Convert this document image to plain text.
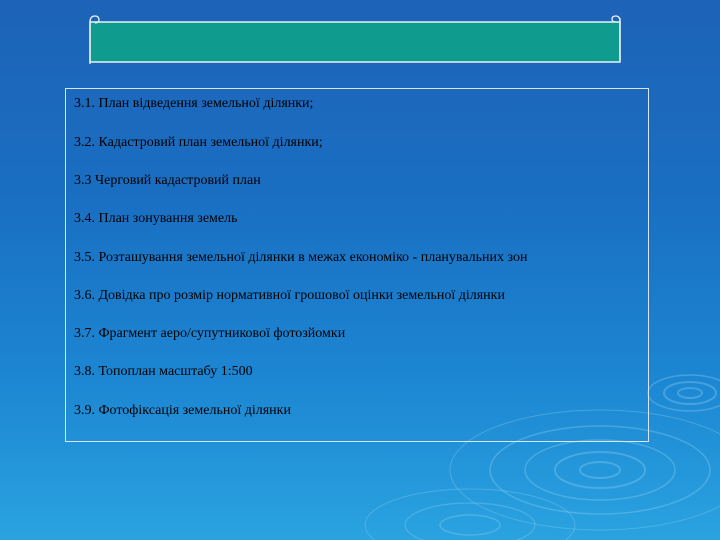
3.1. План відведення земельної ділянки;
3.2. Кадастровий план земельної ділянки;
3.3 Черговий кадастровий план
3.4. План зонування земель
3.5. Розташування земельної ділянки в межах економіко - планувальних зон
3.6. Довідка про розмір нормативної грошової оцінки земельної ділянки
3.7. Фрагмент аеро/супутникової фотозйомки
3.8. Топоплан масштабу 1:500
3.9. Фотофіксація земельної ділянки
